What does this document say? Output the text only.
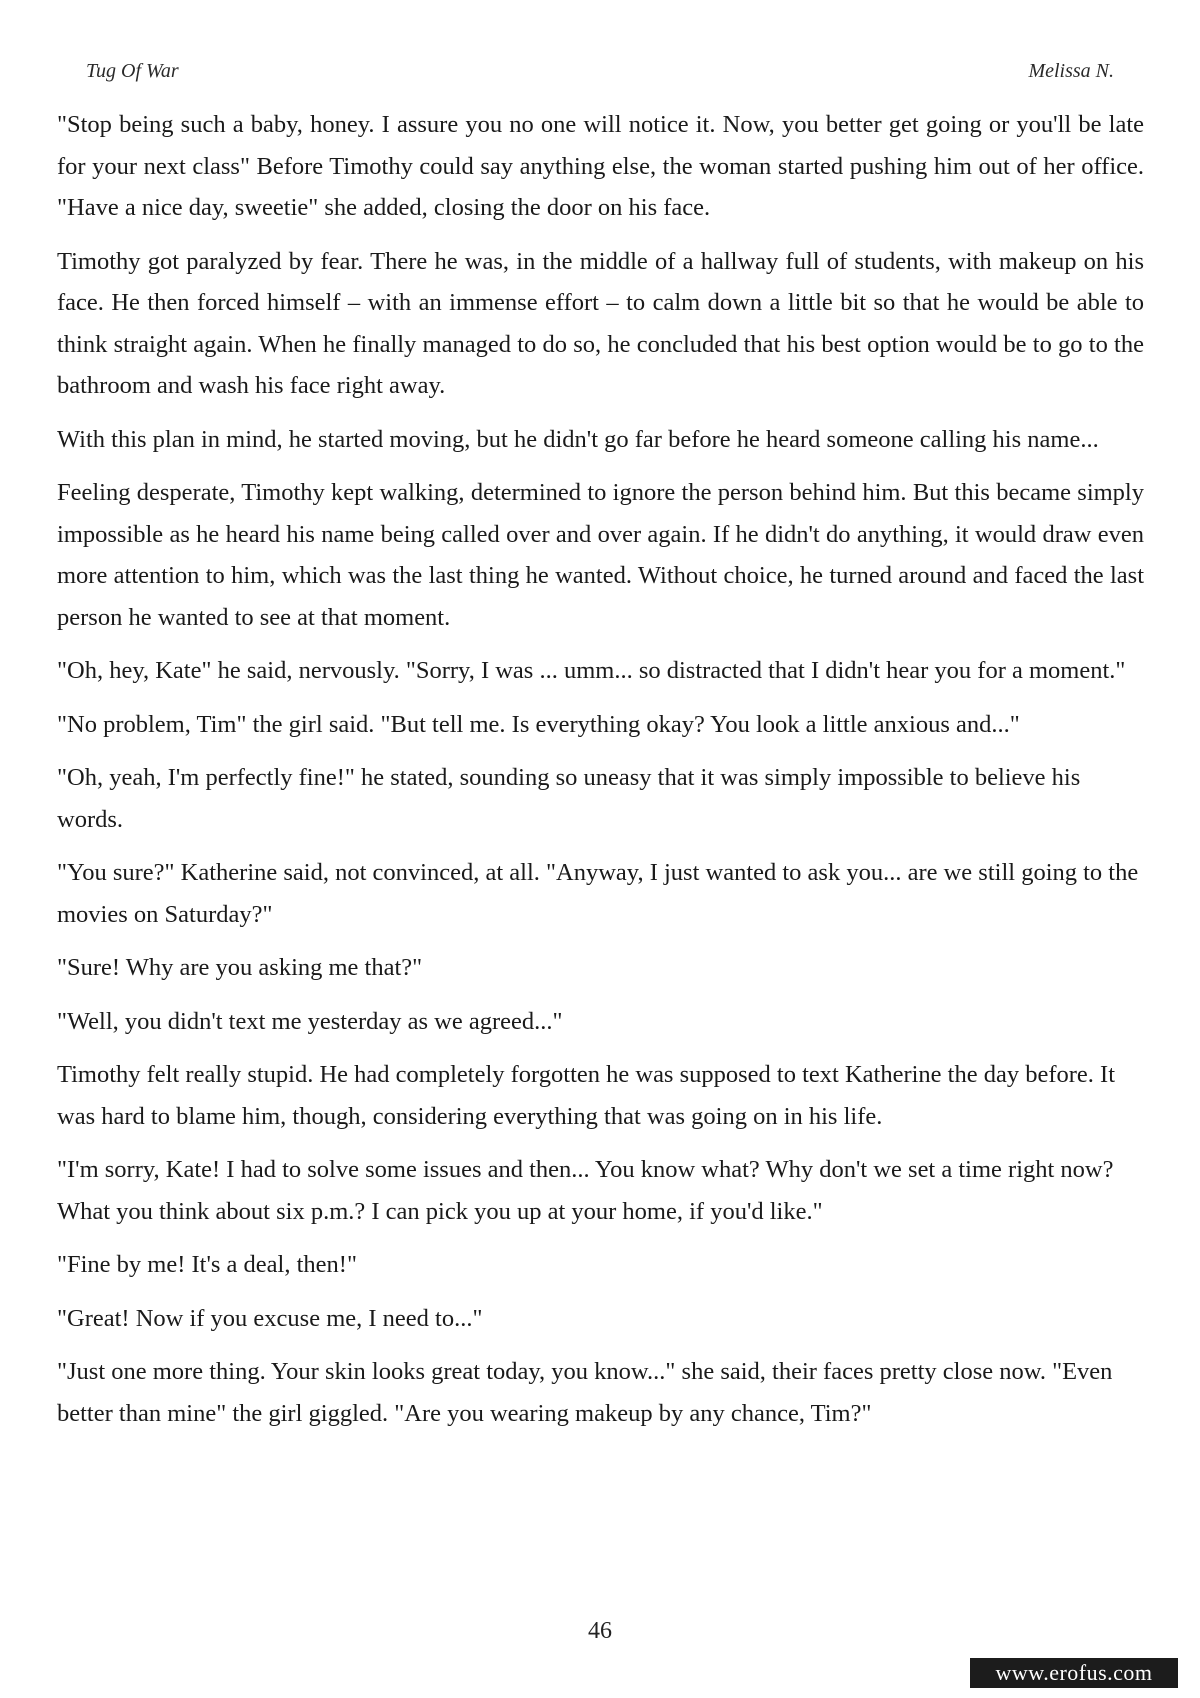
Tug Of War	Melissa N.

"Stop being such a baby, honey. I assure you no one will notice it. Now, you better get going or you'll be late for your next class" Before Timothy could say anything else, the woman started pushing him out of her office. "Have a nice day, sweetie" she added, closing the door on his face.

Timothy got paralyzed by fear. There he was, in the middle of a hallway full of students, with makeup on his face. He then forced himself – with an immense effort – to calm down a little bit so that he would be able to think straight again. When he finally managed to do so, he concluded that his best option would be to go to the bathroom and wash his face right away.

With this plan in mind, he started moving, but he didn't go far before he heard someone calling his name...

Feeling desperate, Timothy kept walking, determined to ignore the person behind him. But this became simply impossible as he heard his name being called over and over again. If he didn't do anything, it would draw even more attention to him, which was the last thing he wanted. Without choice, he turned around and faced the last person he wanted to see at that moment.

"Oh, hey, Kate" he said, nervously. "Sorry, I was ... umm... so distracted that I didn't hear you for a moment."

"No problem, Tim" the girl said. "But tell me. Is everything okay? You look a little anxious and..."

"Oh, yeah, I'm perfectly fine!" he stated, sounding so uneasy that it was simply impossible to believe his words.

"You sure?" Katherine said, not convinced, at all. "Anyway, I just wanted to ask you... are we still going to the movies on Saturday?"

"Sure! Why are you asking me that?"

"Well, you didn't text me yesterday as we agreed..."

Timothy felt really stupid. He had completely forgotten he was supposed to text Katherine the day before. It was hard to blame him, though, considering everything that was going on in his life.

"I'm sorry, Kate! I had to solve some issues and then... You know what? Why don't we set a time right now? What you think about six p.m.? I can pick you up at your home, if you'd like."

"Fine by me! It's a deal, then!"

"Great! Now if you excuse me, I need to..."

"Just one more thing. Your skin looks great today, you know..." she said, their faces pretty close now. "Even better than mine" the girl giggled. "Are you wearing makeup by any chance, Tim?"

46
www.erofus.com
